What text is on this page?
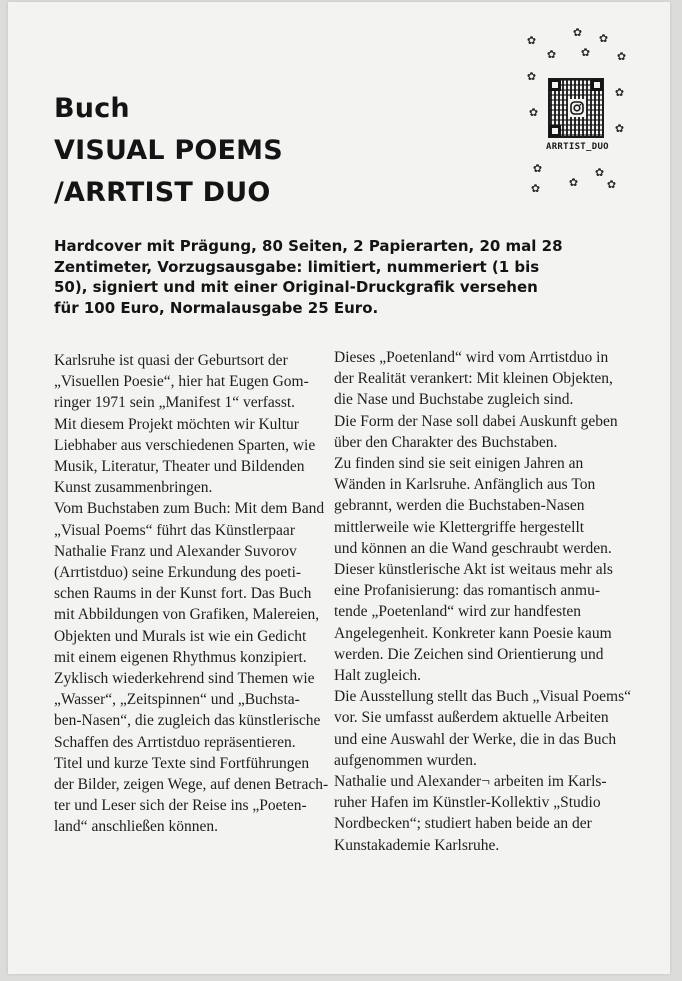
Buch
VISUAL POEMS
/ARRTIST DUO
✿
✿ ✿
✿ ✿ ✿
✿
✿
✿
✿
✿
✿
✿
✿	✿
ARRTIST_DUO
Hardcover mit Prägung, 80 Seiten, 2 Papierarten, 20 mal 28
Zentimeter, Vorzugsausgabe: limitiert, nummeriert (1 bis
50), signiert und mit einer Original-Druckgrafik versehen
für 100 Euro, Normalausgabe 25 Euro.
Karlsruhe ist quasi der Geburtsort der
„Visuellen Poesie“, hier hat Eugen Gom-
ringer 1971 sein „Manifest 1“ verfasst.
Mit diesem Projekt möchten wir Kultur
Liebhaber aus verschiedenen Sparten, wie
Musik, Literatur, Theater und Bildenden
Kunst zusammenbringen.
Vom Buchstaben zum Buch: Mit dem Band
„Visual Poems“ führt das Künstlerpaar
Nathalie Franz und Alexander Suvorov
(Arrtistduo) seine Erkundung des poeti-
schen Raums in der Kunst fort. Das Buch
mit Abbildungen von Grafiken, Malereien,
Objekten und Murals ist wie ein Gedicht
mit einem eigenen Rhythmus konzipiert.
Zyklisch wiederkehrend sind Themen wie
„Wasser“, „Zeitspinnen“ und „Buchsta-
ben-Nasen“, die zugleich das künstlerische
Schaffen des Arrtistduo repräsentieren.
Titel und kurze Texte sind Fortführungen
der Bilder, zeigen Wege, auf denen Betrach-
ter und Leser sich der Reise ins „Poeten-
land“ anschließen können.
Dieses „Poetenland“ wird vom Arrtistduo in
der Realität verankert: Mit kleinen Objekten,
die Nase und Buchstabe zugleich sind.
Die Form der Nase soll dabei Auskunft geben
über den Charakter des Buchstaben.
Zu finden sind sie seit einigen Jahren an
Wänden in Karlsruhe. Anfänglich aus Ton
gebrannt, werden die Buchstaben-Nasen
mittlerweile wie Klettergriffe hergestellt
und können an die Wand geschraubt werden.
Dieser künstlerische Akt ist weitaus mehr als
eine Profanisierung: das romantisch anmu-
tende „Poetenland“ wird zur handfesten
Angelegenheit. Konkreter kann Poesie kaum
werden. Die Zeichen sind Orientierung und
Halt zugleich.
Die Ausstellung stellt das Buch „Visual Poems“
vor. Sie umfasst außerdem aktuelle Arbeiten
und eine Auswahl der Werke, die in das Buch
aufgenommen wurden.
Nathalie und Alexander¬ arbeiten im Karls-
ruher Hafen im Künstler-Kollektiv „Studio
Nordbecken“; studiert haben beide an der
Kunstakademie Karlsruhe.
